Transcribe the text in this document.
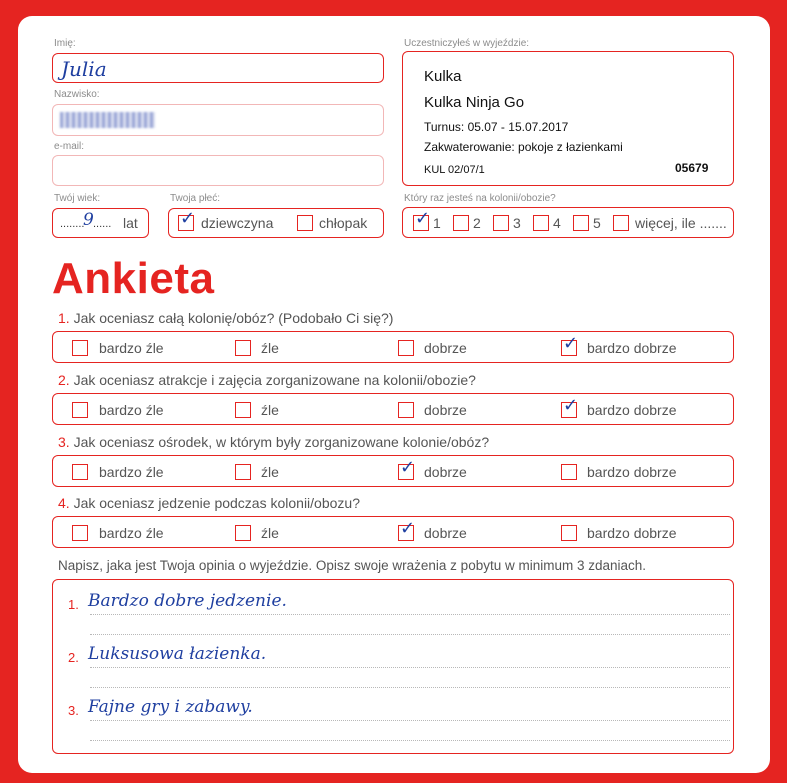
Imię:
Julia
Nazwisko:
e-mail:
Twój wiek:
........
9 ...... lat
Twoja płeć:
✓ dziewczyna	chłopak
Uczestniczyłeś w wyjeździe:
Kulka
Kulka Ninja Go
Turnus: 05.07 - 15.07.2017
Zakwaterowanie: pokoje z łazienkami
KUL 02/07/1	05679
Który raz jesteś na kolonii/obozie?
✓ 1 2 3 4 5 więcej, ile .......
Ankieta
1. Jak oceniasz całą kolonię/obóz? (Podobało Ci się?)
bardzo źle	źle	dobrze	✓ bardzo dobrze
2. Jak oceniasz atrakcje i zajęcia zorganizowane na kolonii/obozie?
bardzo źle	źle	dobrze	✓ bardzo dobrze
3. Jak oceniasz ośrodek, w którym były zorganizowane kolonie/obóz?
bardzo źle	źle	✓ dobrze	bardzo dobrze
4. Jak oceniasz jedzenie podczas kolonii/obozu?
bardzo źle	źle	✓ dobrze	bardzo dobrze
Napisz, jaka jest Twoja opinia o wyjeździe. Opisz swoje wrażenia z pobytu w minimum 3 zdaniach.
1. Bardzo dobre jedzenie.
2. Luksusowa łazienka.
3. Fajne gry i zabawy.
